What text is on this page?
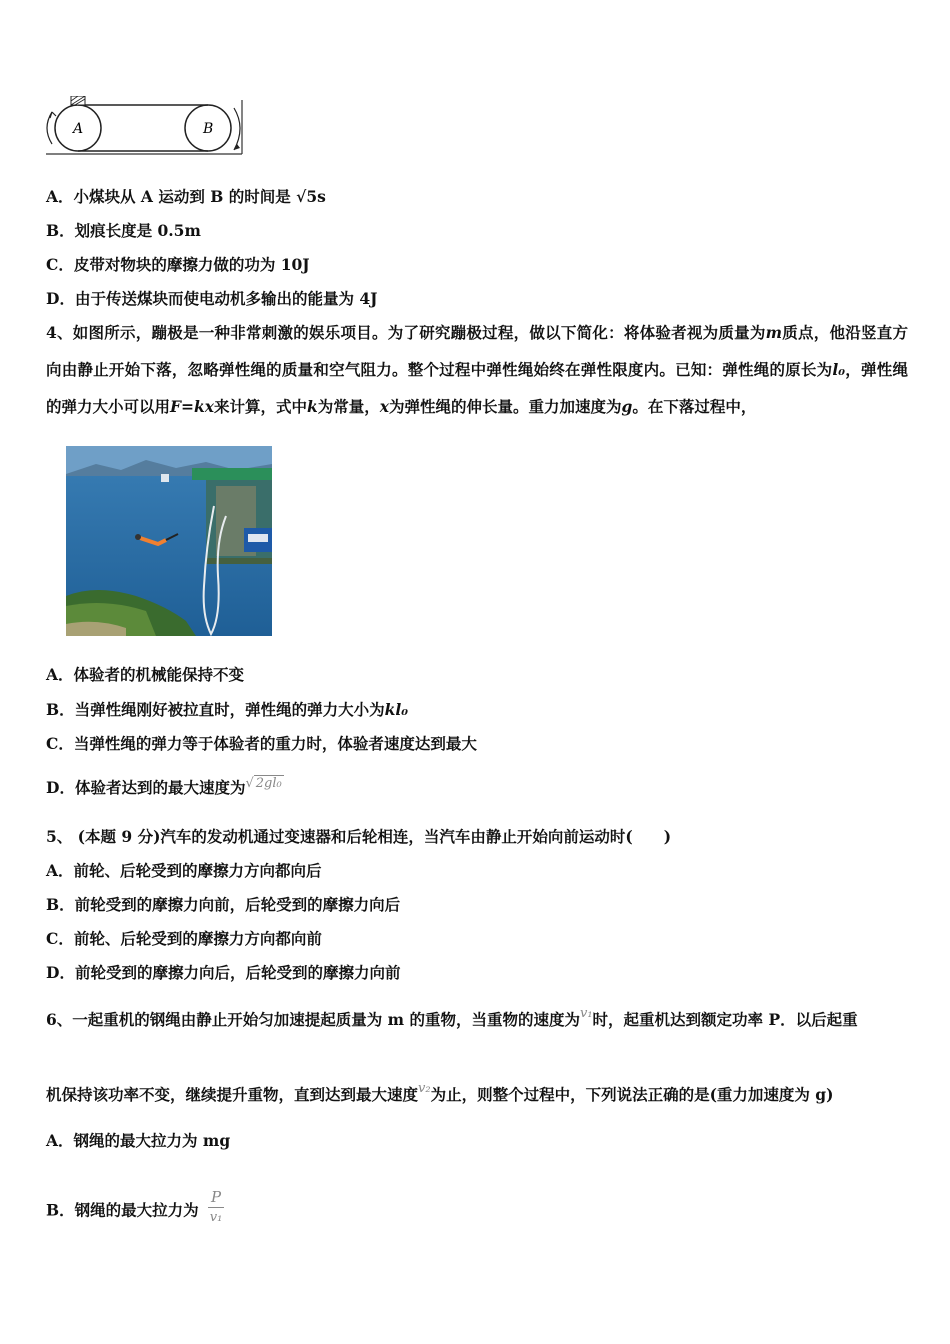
A	B
A．小煤块从 A 运动到 B 的时间是 √5s
B．划痕长度是 0.5m
C．皮带对物块的摩擦力做的功为 10J
D．由于传送煤块而使电动机多输出的能量为 4J
4、如图所示，蹦极是一种非常刺激的娱乐项目。为了研究蹦极过程，做以下简化：将体验者视为质量为m质点，他沿竖直方向由静止开始下落，忽略弹性绳的质量和空气阻力。整个过程中弹性绳始终在弹性限度内。已知：弹性绳的原长为l₀，弹性绳的弹力大小可以用F=kx来计算，式中k为常量，x为弹性绳的伸长量。重力加速度为g。在下落过程中，
A．体验者的机械能保持不变
B．当弹性绳刚好被拉直时，弹性绳的弹力大小为kl₀
C．当弹性绳的弹力等于体验者的重力时，体验者速度达到最大
D．体验者达到的最大速度为$^{√ 2gl_0}$
5、 (本题 9 分)汽车的发动机通过变速器和后轮相连，当汽车由静止开始向前运动时(　　)
A．前轮、后轮受到的摩擦力方向都向后
B．前轮受到的摩擦力向前，后轮受到的摩擦力向后
C．前轮、后轮受到的摩擦力方向都向前
D．前轮受到的摩擦力向后，后轮受到的摩擦力向前
6、一起重机的钢绳由静止开始匀加速提起质量为 m 的重物，当重物的速度为$^{v_1}$时，起重机达到额定功率 P．以后起重
机保持该功率不变，继续提升重物，直到达到最大速度$^{v_2}$为止，则整个过程中，下列说法正确的是(重力加速度为 g)
A．钢绳的最大拉力为 mg
B．钢绳的最大拉力为 $\frac{P}{\text{v₁}}$
